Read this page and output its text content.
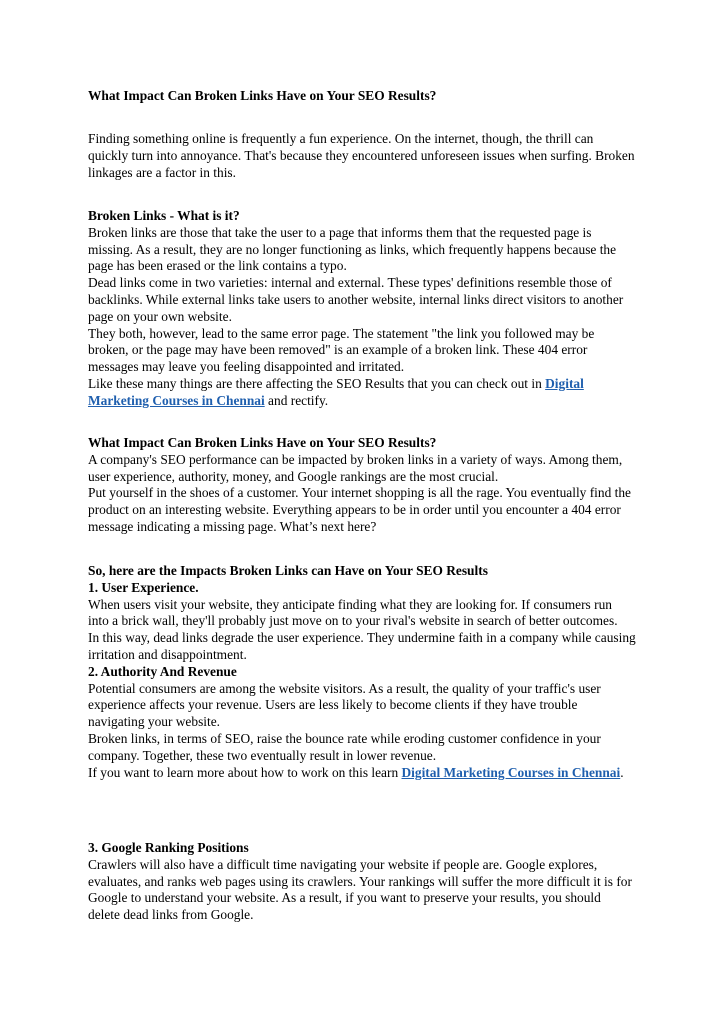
What Impact Can Broken Links Have on Your SEO Results?

Finding something online is frequently a fun experience. On the internet, though, the thrill can quickly turn into annoyance. That's because they encountered unforeseen issues when surfing. Broken linkages are a factor in this.

Broken Links - What is it?

Broken links are those that take the user to a page that informs them that the requested page is missing. As a result, they are no longer functioning as links, which frequently happens because the page has been erased or the link contains a typo.

Dead links come in two varieties: internal and external. These types' definitions resemble those of backlinks. While external links take users to another website, internal links direct visitors to another page on your own website.

They both, however, lead to the same error page. The statement "the link you followed may be broken, or the page may have been removed" is an example of a broken link. These 404 error messages may leave you feeling disappointed and irritated.

Like these many things are there affecting the SEO Results that you can check out in Digital Marketing Courses in Chennai and rectify.

What Impact Can Broken Links Have on Your SEO Results?

A company's SEO performance can be impacted by broken links in a variety of ways. Among them, user experience, authority, money, and Google rankings are the most crucial.

Put yourself in the shoes of a customer. Your internet shopping is all the rage. You eventually find the product on an interesting website. Everything appears to be in order until you encounter a 404 error message indicating a missing page. What’s next here?

So, here are the Impacts Broken Links can Have on Your SEO Results
1. User Experience.

When users visit your website, they anticipate finding what they are looking for. If consumers run into a brick wall, they'll probably just move on to your rival's website in search of better outcomes.

In this way, dead links degrade the user experience. They undermine faith in a company while causing irritation and disappointment.

2. Authority And Revenue

Potential consumers are among the website visitors. As a result, the quality of your traffic's user experience affects your revenue. Users are less likely to become clients if they have trouble navigating your website.

Broken links, in terms of SEO, raise the bounce rate while eroding customer confidence in your company. Together, these two eventually result in lower revenue.

If you want to learn more about how to work on this learn Digital Marketing Courses in Chennai.

3. Google Ranking Positions

Crawlers will also have a difficult time navigating your website if people are. Google explores, evaluates, and ranks web pages using its crawlers. Your rankings will suffer the more difficult it is for Google to understand your website. As a result, if you want to preserve your results, you should delete dead links from Google.
